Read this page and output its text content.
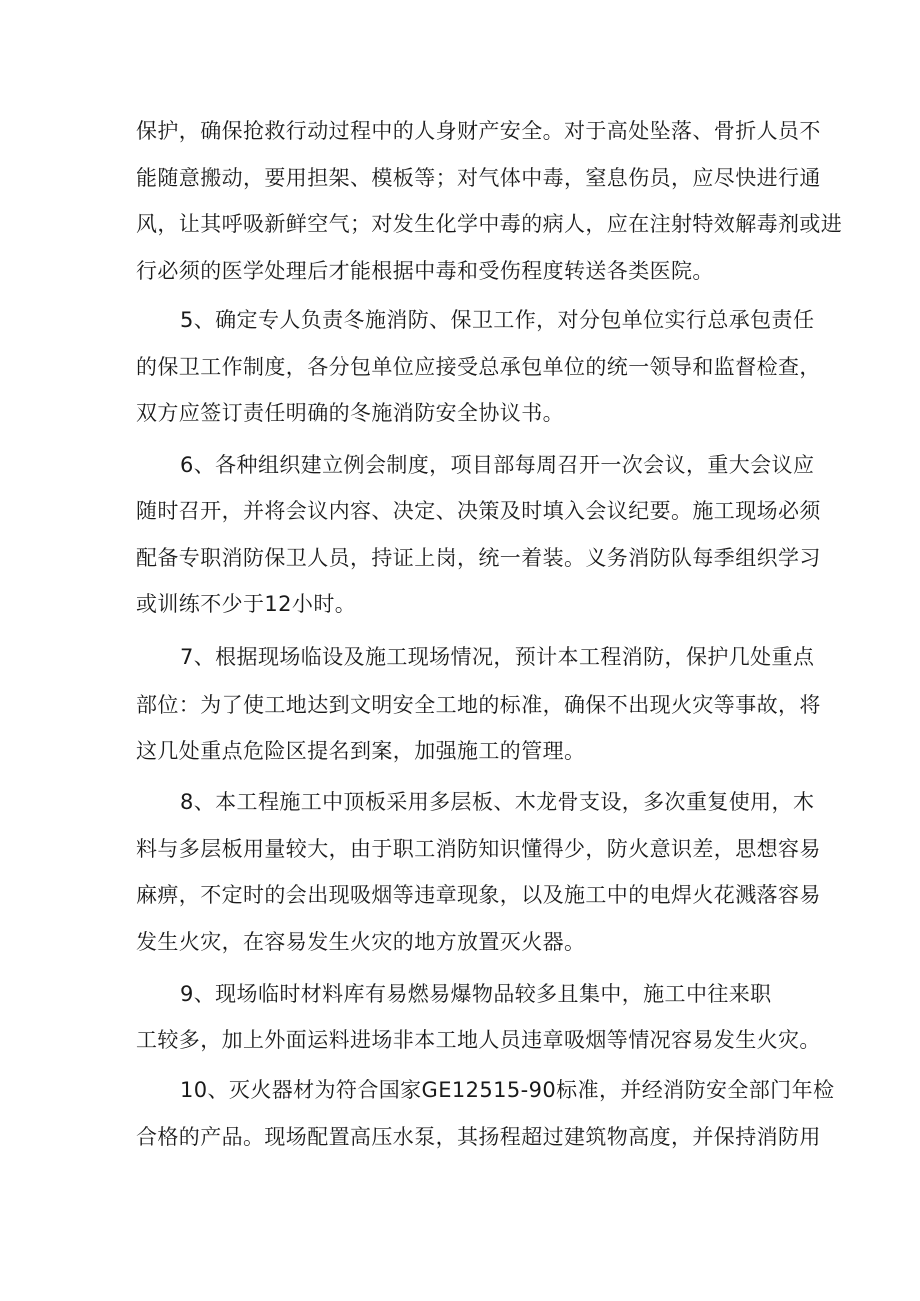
保护，确保抢救行动过程中的人身财产安全。对于高处坠落、骨折人员不
能随意搬动，要用担架、模板等；对气体中毒，窒息伤员，应尽快进行通
风，让其呼吸新鲜空气；对发生化学中毒的病人，应在注射特效解毒剂或进
行必须的医学处理后才能根据中毒和受伤程度转送各类医院。
5、确定专人负责冬施消防、保卫工作，对分包单位实行总承包责任
的保卫工作制度，各分包单位应接受总承包单位的统一领导和监督检查，
双方应签订责任明确的冬施消防安全协议书。
6、各种组织建立例会制度，项目部每周召开一次会议，重大会议应
随时召开，并将会议内容、决定、决策及时填入会议纪要。施工现场必须
配备专职消防保卫人员，持证上岗，统一着装。义务消防队每季组织学习
或训练不少于12小时。
7、根据现场临设及施工现场情况，预计本工程消防，保护几处重点
部位：为了使工地达到文明安全工地的标准，确保不出现火灾等事故，将
这几处重点危险区提名到案，加强施工的管理。
8、本工程施工中顶板采用多层板、木龙骨支设，多次重复使用，木
料与多层板用量较大，由于职工消防知识懂得少，防火意识差，思想容易
麻痹，不定时的会出现吸烟等违章现象，以及施工中的电焊火花溅落容易
发生火灾，在容易发生火灾的地方放置灭火器。
9、现场临时材料库有易燃易爆物品较多且集中，施工中往来职
工较多，加上外面运料进场非本工地人员违章吸烟等情况容易发生火灾。
10、灭火器材为符合国家GE12515-90标准，并经消防安全部门年检
合格的产品。现场配置高压水泵，其扬程超过建筑物高度，并保持消防用
